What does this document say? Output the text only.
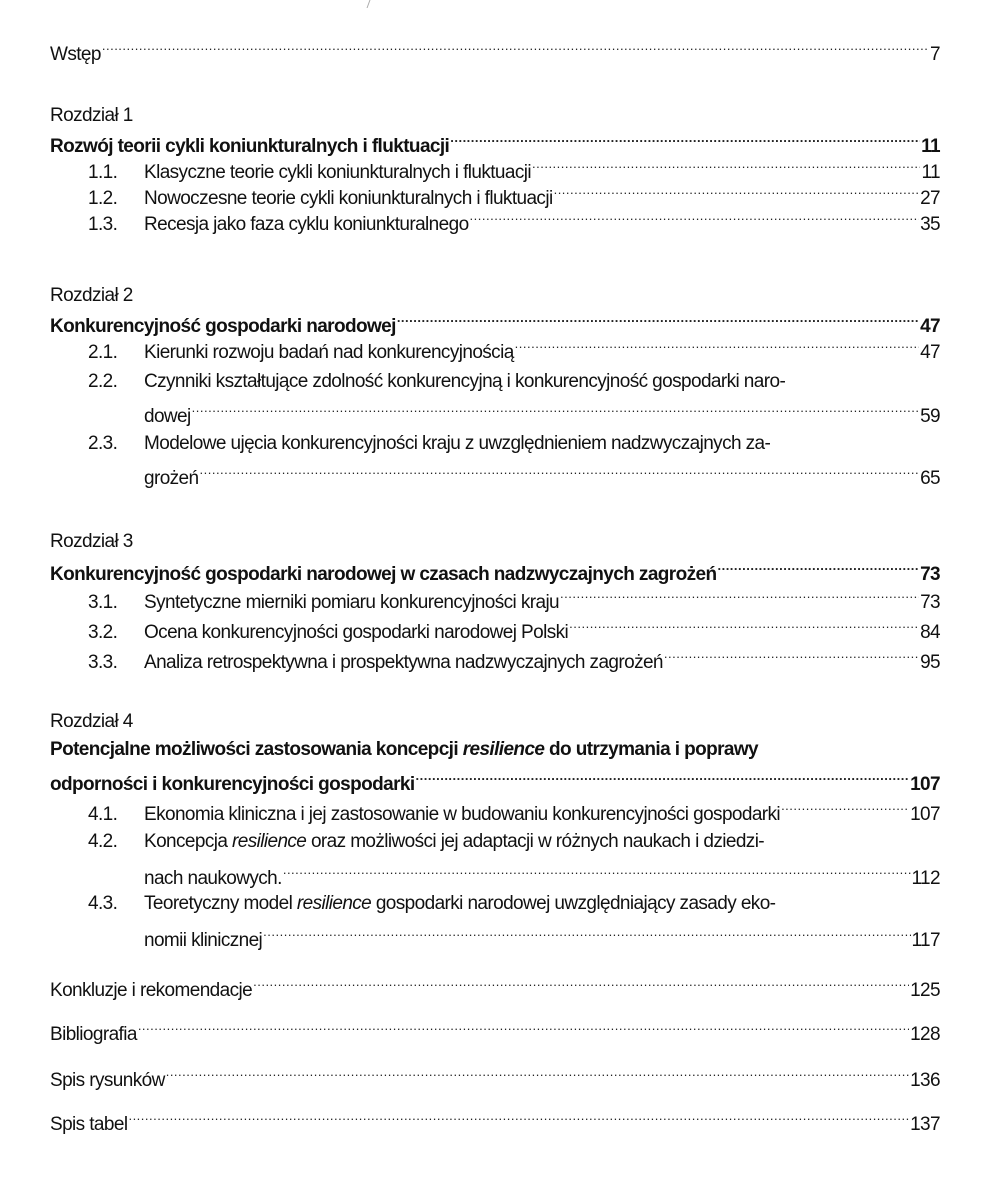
Wstęp .....	7
Rozdział 1
Rozwój teorii cykli koniunkturalnych i fluktuacji .....	11
1.1.	Klasyczne teorie cykli koniunkturalnych i fluktuacji .....	11
1.2.	Nowoczesne teorie cykli koniunkturalnych i fluktuacji .....	27
1.3.	Recesja jako faza cyklu koniunkturalnego .....	35
Rozdział 2
Konkurencyjność gospodarki narodowej .....	47
2.1.	Kierunki rozwoju badań nad konkurencyjnością .....	47
2.2. Czynniki kształtujące zdolność konkurencyjną i konkurencyjność gospodarki naro-
dowej .....	59
2.3. Modelowe ujęcia konkurencyjności kraju z uwzględnieniem nadzwyczajnych za-
grożeń .....	65
Rozdział 3
Konkurencyjność gospodarki narodowej w czasach nadzwyczajnych zagrożeń .....	73
3.1.	Syntetyczne mierniki pomiaru konkurencyjności kraju .....	73
3.2.	Ocena konkurencyjności gospodarki narodowej Polski .....	84
3.3.	Analiza retrospektywna i prospektywna nadzwyczajnych zagrożeń .....	95
Rozdział 4
Potencjalne możliwości zastosowania koncepcji resilience do utrzymania i poprawy
odporności i konkurencyjności gospodarki .....	107
4.1.	Ekonomia kliniczna i jej zastosowanie w budowaniu konkurencyjności gospodarki .....	107
4.2. Koncepcja resilience oraz możliwości jej adaptacji w różnych naukach i dziedzi-
nach naukowych. .....	112
4.3. Teoretyczny model resilience gospodarki narodowej uwzględniający zasady eko-
nomii klinicznej .....	117
Konkluzje i rekomendacje .....	125
Bibliografia .....	128
Spis rysunków .....	136
Spis tabel .....	137
